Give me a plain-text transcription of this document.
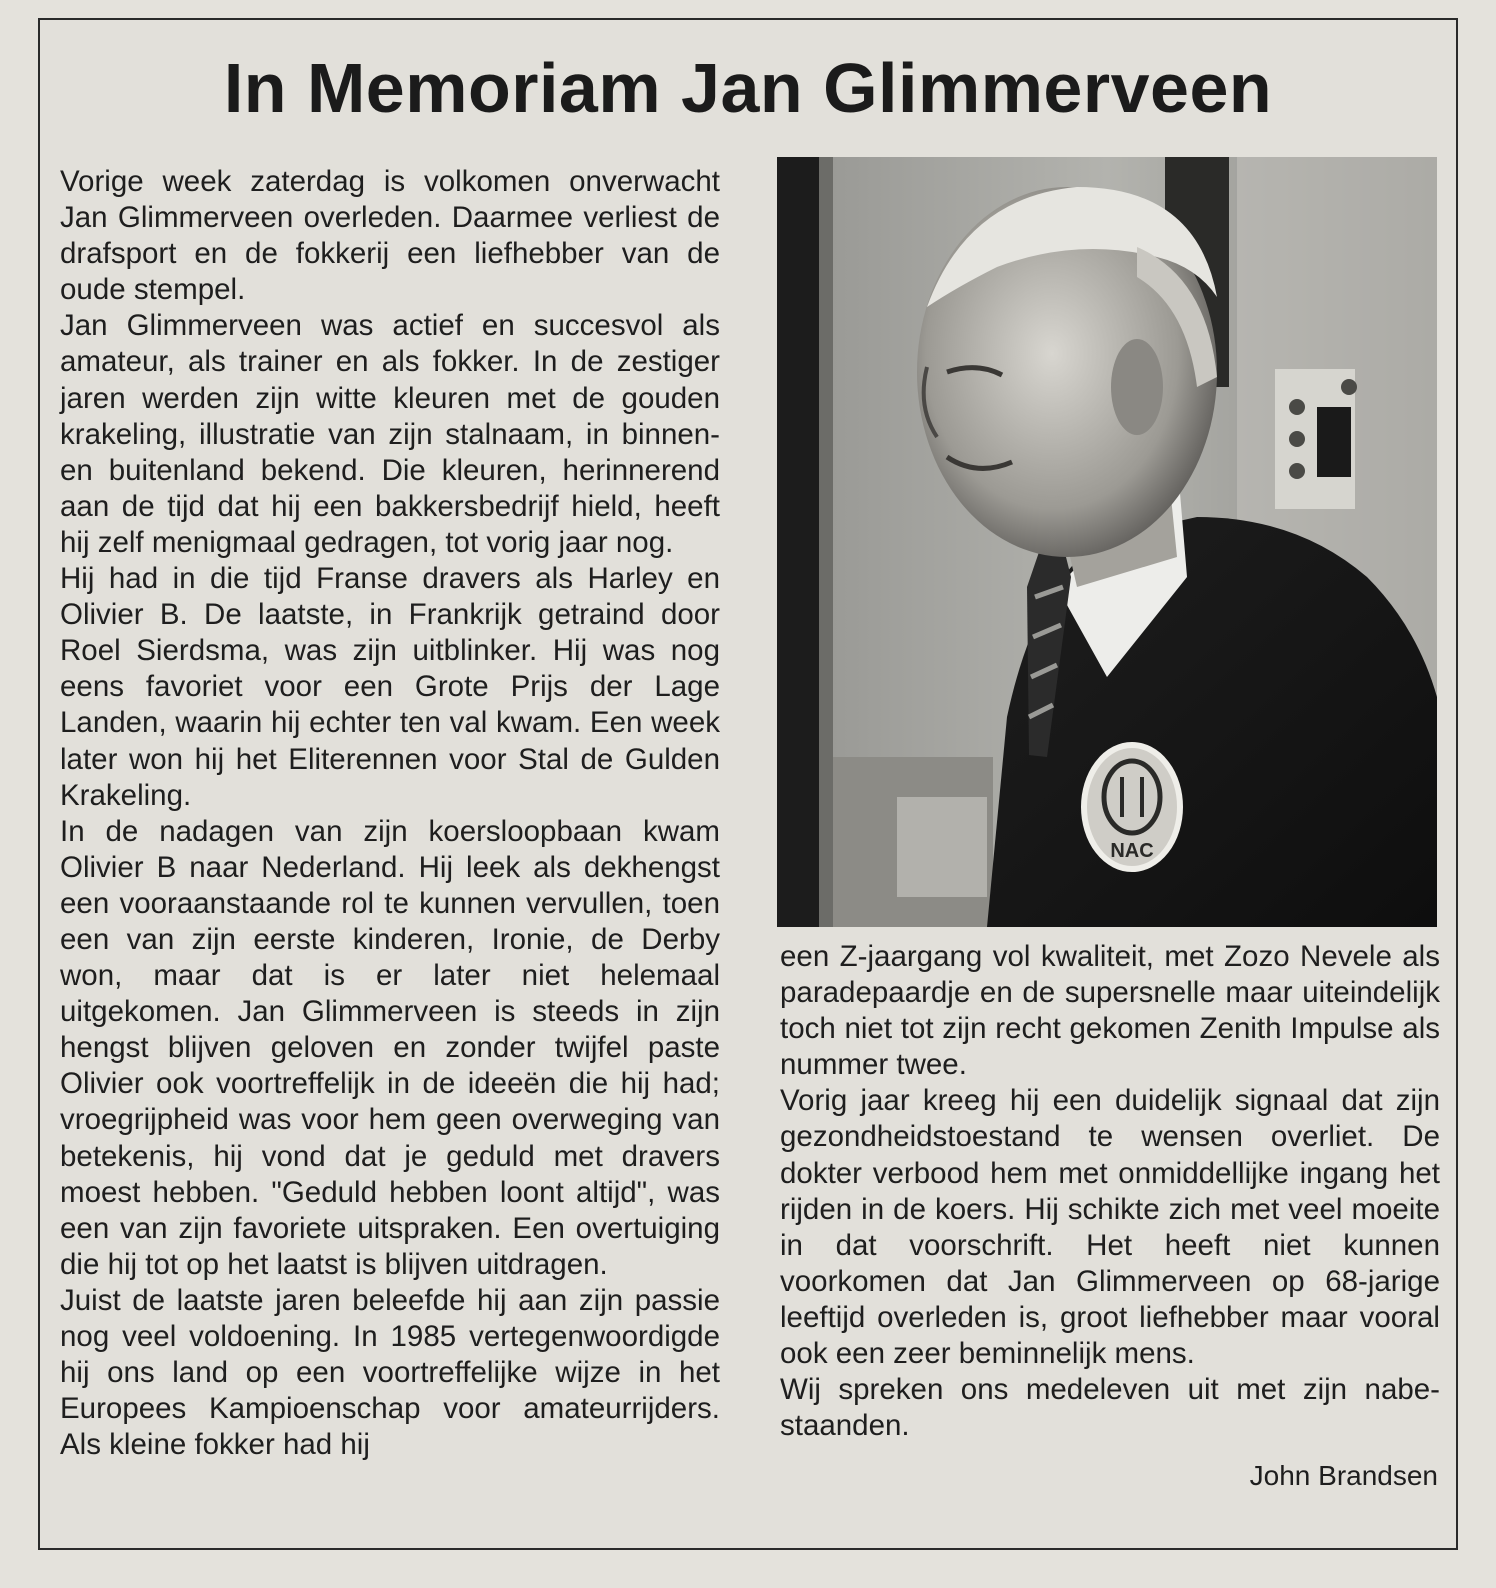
In Memoriam Jan Glimmerveen

Vorige week zaterdag is volkomen onverwacht Jan Glimmerveen overleden. Daarmee verliest de drafsport en de fokkerij een liefhebber van de oude stempel.

Jan Glimmerveen was actief en succesvol als amateur, als trainer en als fokker. In de zestiger jaren werden zijn witte kleuren met de gouden krakeling, illustratie van zijn stalnaam, in binnen- en buitenland bekend. Die kleuren, herinnerend aan de tijd dat hij een bakkersbedrijf hield, heeft hij zelf menigmaal gedragen, tot vorig jaar nog.

Hij had in die tijd Franse dravers als Harley en Olivier B. De laatste, in Frankrijk getraind door Roel Sierdsma, was zijn uitblinker. Hij was nog eens favoriet voor een Grote Prijs der Lage Landen, waarin hij echter ten val kwam. Een week later won hij het Eliterennen voor Stal de Gulden Krakeling.

In de nadagen van zijn koersloopbaan kwam Olivier B naar Nederland. Hij leek als dekhengst een vooraanstaande rol te kunnen vervullen, toen een van zijn eerste kinderen, Ironie, de Derby won, maar dat is er later niet helemaal uitgekomen. Jan Glimmerveen is steeds in zijn hengst blijven geloven en zonder twijfel paste Olivier ook voortreffelijk in de ideeën die hij had; vroegrijpheid was voor hem geen overweging van betekenis, hij vond dat je geduld met dravers moest hebben. "Geduld hebben loont altijd", was een van zijn favoriete uitspraken. Een overtuiging die hij tot op het laatst is blijven uitdragen.

Juist de laatste jaren beleefde hij aan zijn passie nog veel voldoening. In 1985 vertegenwoordigde hij ons land op een voortreffelijke wijze in het Europees Kampioenschap voor amateurrijders. Als kleine fokker had hij

NAC

een Z-jaargang vol kwaliteit, met Zozo Nevele als paradepaardje en de supersnelle maar uiteindelijk toch niet tot zijn recht gekomen Zenith Impulse als nummer twee.

Vorig jaar kreeg hij een duidelijk signaal dat zijn gezondheidstoestand te wensen overliet. De dokter verbood hem met onmiddellijke ingang het rijden in de koers. Hij schikte zich met veel moeite in dat voorschrift. Het heeft niet kunnen voorkomen dat Jan Glimmerveen op 68-jarige leeftijd overleden is, groot liefhebber maar vooral ook een zeer beminnelijk mens.

Wij spreken ons medeleven uit met zijn nabestaanden.

John Brandsen
